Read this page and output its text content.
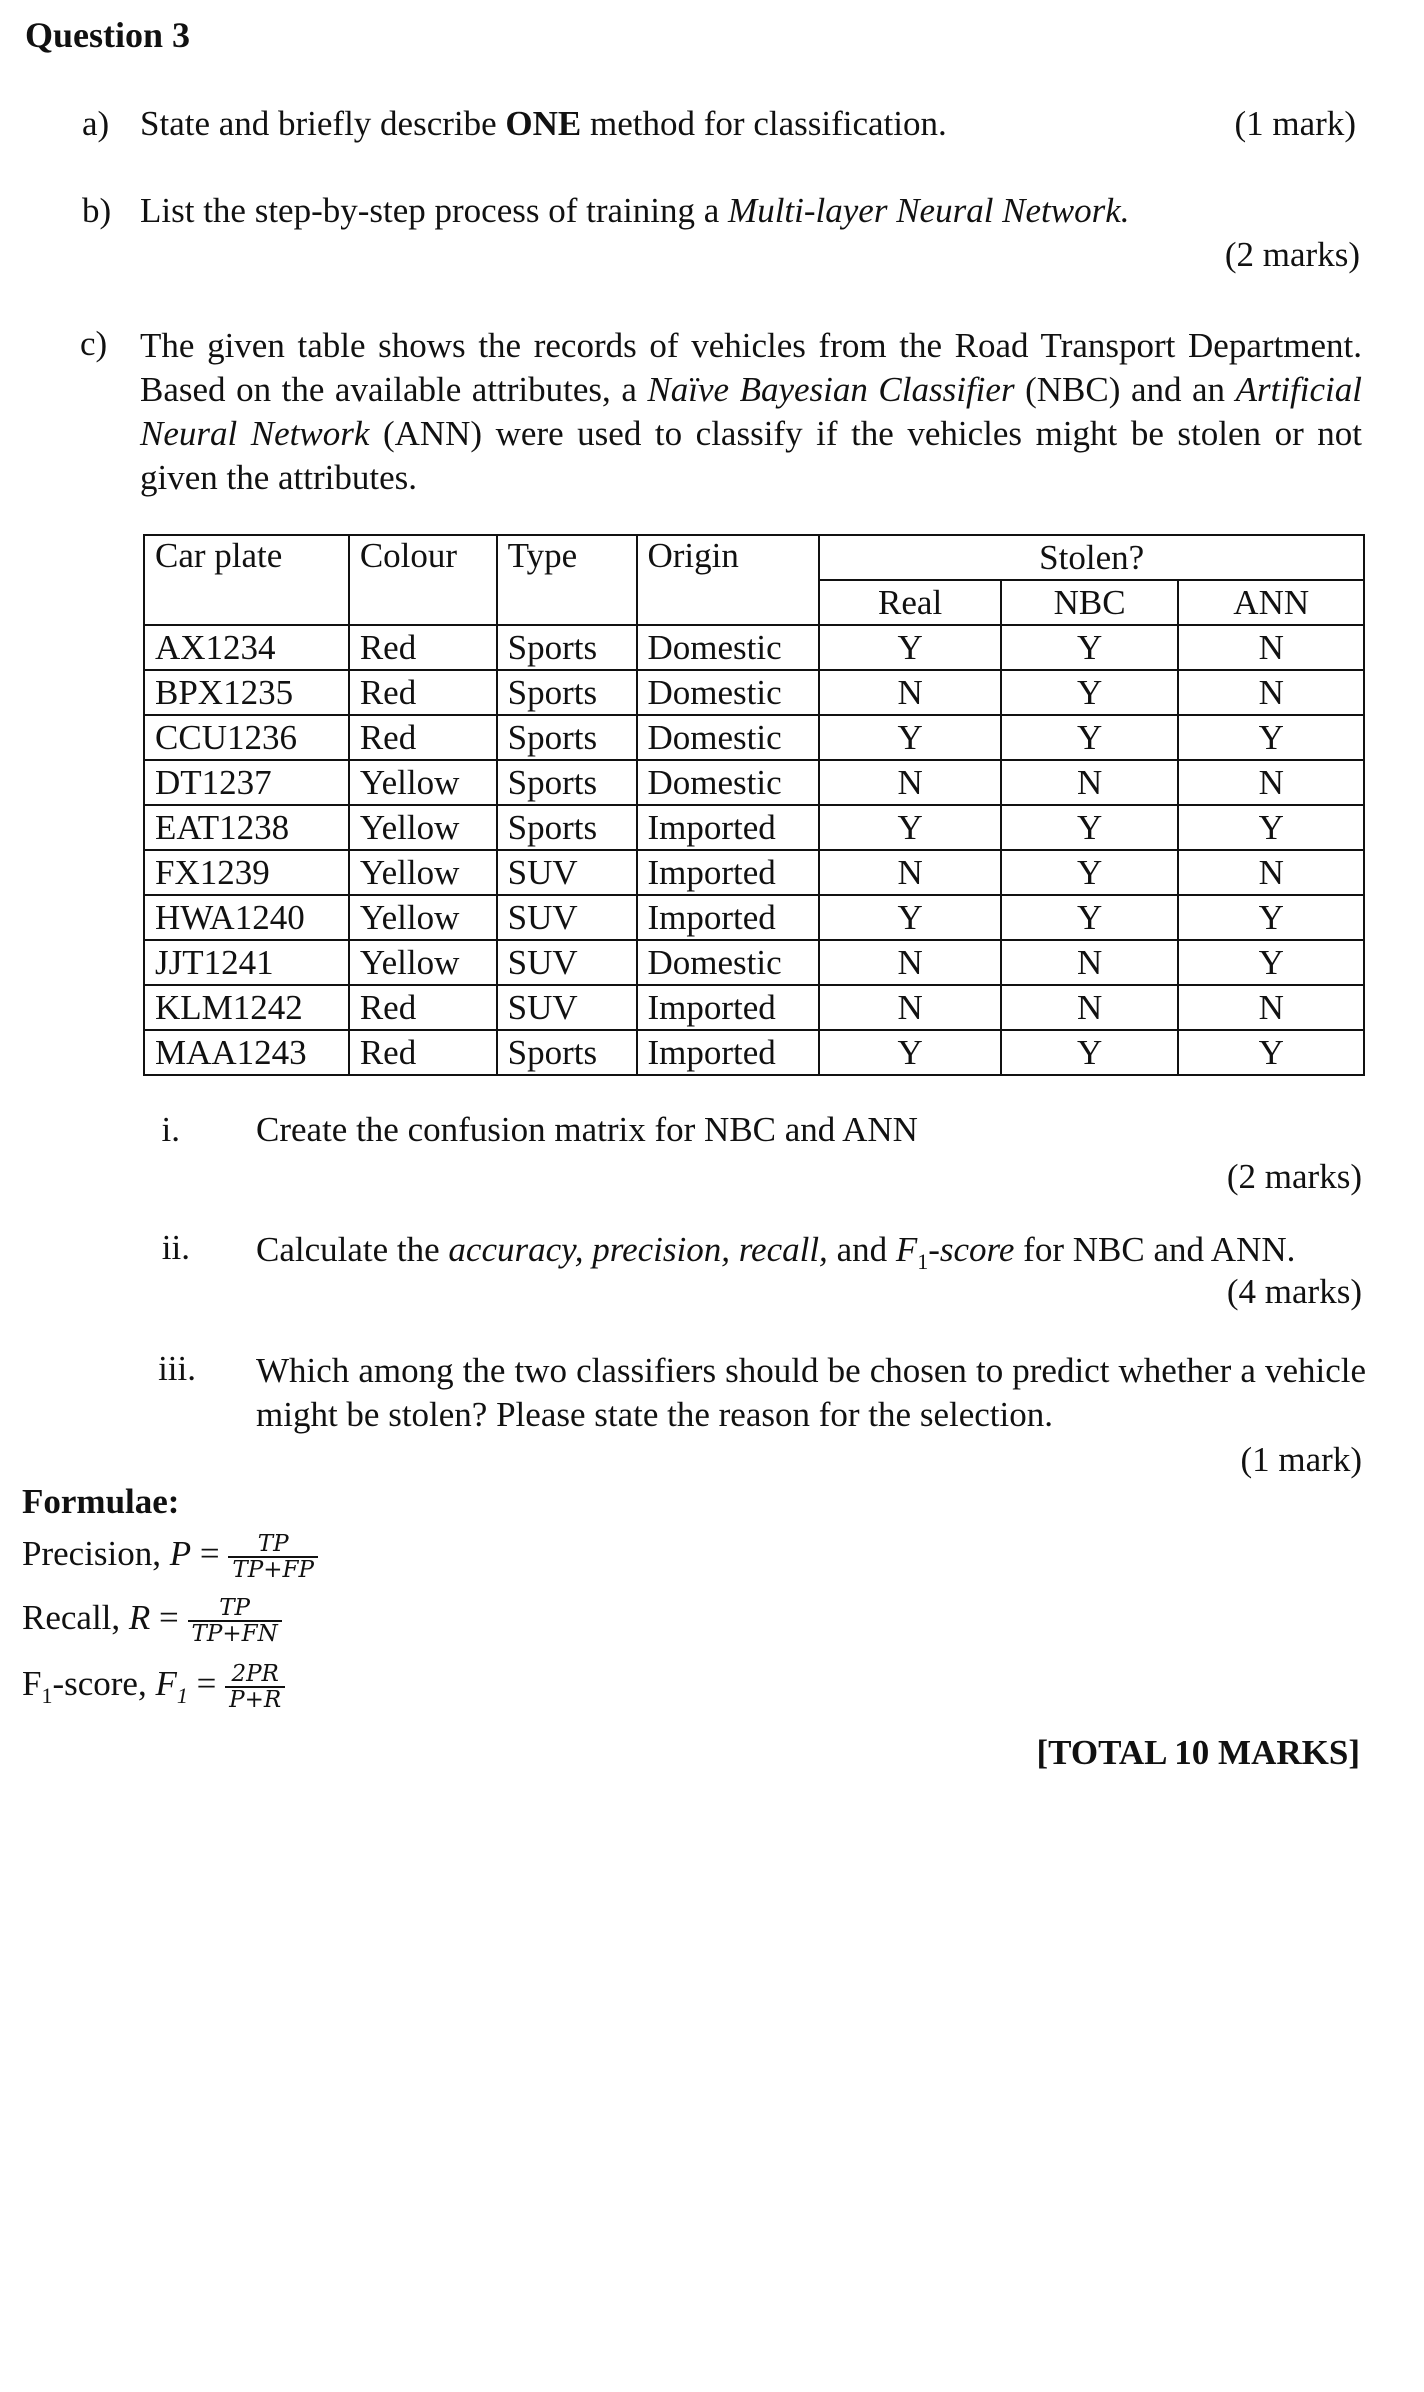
Question 3
a) State and briefly describe ONE method for classification.	(1 mark)
b) List the step-by-step process of training a Multi-layer Neural Network.
(2 marks)
c) The given table shows the records of vehicles from the Road Transport Department. Based on the available attributes, a Naïve Bayesian Classifier (NBC) and an Artificial Neural Network (ANN) were used to classify if the vehicles might be stolen or not given the attributes.
Car plate	Colour	Type	Origin	Stolen?		
				Real	NBC	ANN
AX1234	Red	Sports	Domestic	Y	Y	N
BPX1235	Red	Sports	Domestic	N	Y	N
CCU1236	Red	Sports	Domestic	Y	Y	Y
DT1237	Yellow	Sports	Domestic	N	N	N
EAT1238	Yellow	Sports	Imported	Y	Y	Y
FX1239	Yellow	SUV	Imported	N	Y	N
HWA1240	Yellow	SUV	Imported	Y	Y	Y
JJT1241	Yellow	SUV	Domestic	N	N	Y
KLM1242	Red	SUV	Imported	N	N	N
MAA1243	Red	Sports	Imported	Y	Y	Y
i. Create the confusion matrix for NBC and ANN
(2 marks)
ii. Calculate the accuracy, precision, recall, and $F_1$-score for NBC and ANN.
(4 marks)
iii. Which among the two classifiers should be chosen to predict whether a vehicle might be stolen? Please state the reason for the selection.
(1 mark)
Formulae:
Precision, $P = \frac{TP}{TP+FP}$
Recall, $R = \frac{TP}{TP+FN}$
$F_1$-score, $F_1 = \frac{2PR}{P+R}$
[TOTAL 10 MARKS]
